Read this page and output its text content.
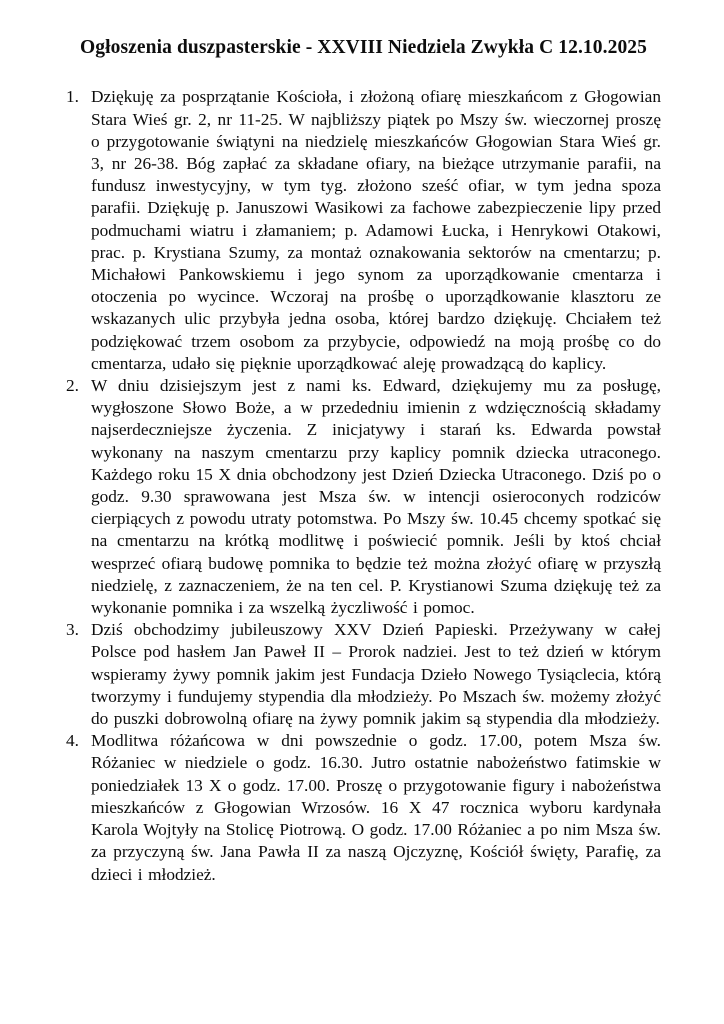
Ogłoszenia duszpasterskie - XXVIII Niedziela Zwykła C 12.10.2025
1. Dziękuję za posprzątanie Kościoła, i złożoną ofiarę mieszkańcom z Głogowian Stara Wieś gr. 2, nr 11-25. W najbliższy piątek po Mszy św. wieczornej proszę o przygotowanie świątyni na niedzielę mieszkańców Głogowian Stara Wieś gr. 3, nr 26-38. Bóg zapłać za składane ofiary, na bieżące utrzymanie parafii, na fundusz inwestycyjny, w tym tyg. złożono sześć ofiar, w tym jedna spoza parafii. Dziękuję p. Januszowi Wasikowi za fachowe zabezpieczenie lipy przed podmuchami wiatru i złamaniem; p. Adamowi Łucka, i Henrykowi Otakowi, prac. p. Krystiana Szumy, za montaż oznakowania sektorów na cmentarzu; p. Michałowi Pankowskiemu i jego synom za uporządkowanie cmentarza i otoczenia po wycince. Wczoraj na prośbę o uporządkowanie klasztoru ze wskazanych ulic przybyła jedna osoba, której bardzo dziękuję. Chciałem też podziękować trzem osobom za przybycie, odpowiedź na moją prośbę co do cmentarza, udało się pięknie uporządkować aleję prowadzącą do kaplicy.

2. W dniu dzisiejszym jest z nami ks. Edward, dziękujemy mu za posługę, wygłoszone Słowo Boże, a w przededniu imienin z wdzięcznością składamy najserdeczniejsze życzenia. Z inicjatywy i starań ks. Edwarda powstał wykonany na naszym cmentarzu przy kaplicy pomnik dziecka utraconego. Każdego roku 15 X dnia obchodzony jest Dzień Dziecka Utraconego. Dziś po o godz. 9.30 sprawowana jest Msza św. w intencji osieroconych rodziców cierpiących z powodu utraty potomstwa. Po Mszy św. 10.45 chcemy spotkać się na cmentarzu na krótką modlitwę i poświecić pomnik. Jeśli by ktoś chciał wesprzeć ofiarą budowę pomnika to będzie też można złożyć ofiarę w przyszłą niedzielę, z zaznaczeniem, że na ten cel. P. Krystianowi Szuma dziękuję też za wykonanie pomnika i za wszelką życzliwość i pomoc.

3. Dziś obchodzimy jubileuszowy XXV Dzień Papieski. Przeżywany w całej Polsce pod hasłem Jan Paweł II – Prorok nadziei. Jest to też dzień w którym wspieramy żywy pomnik jakim jest Fundacja Dzieło Nowego Tysiąclecia, którą tworzymy i fundujemy stypendia dla młodzieży. Po Mszach św. możemy złożyć do puszki dobrowolną ofiarę na żywy pomnik jakim są stypendia dla młodzieży.

4. Modlitwa różańcowa w dni powszednie o godz. 17.00, potem Msza św. Różaniec w niedziele o godz. 16.30. Jutro ostatnie nabożeństwo fatimskie w poniedziałek 13 X o godz. 17.00. Proszę o przygotowanie figury i nabożeństwa mieszkańców z Głogowian Wrzosów. 16 X 47 rocznica wyboru kardynała Karola Wojtyły na Stolicę Piotrową. O godz. 17.00 Różaniec a po nim Msza św. za przyczyną św. Jana Pawła II za naszą Ojczyznę, Kościół święty, Parafię, za dzieci i młodzież.
